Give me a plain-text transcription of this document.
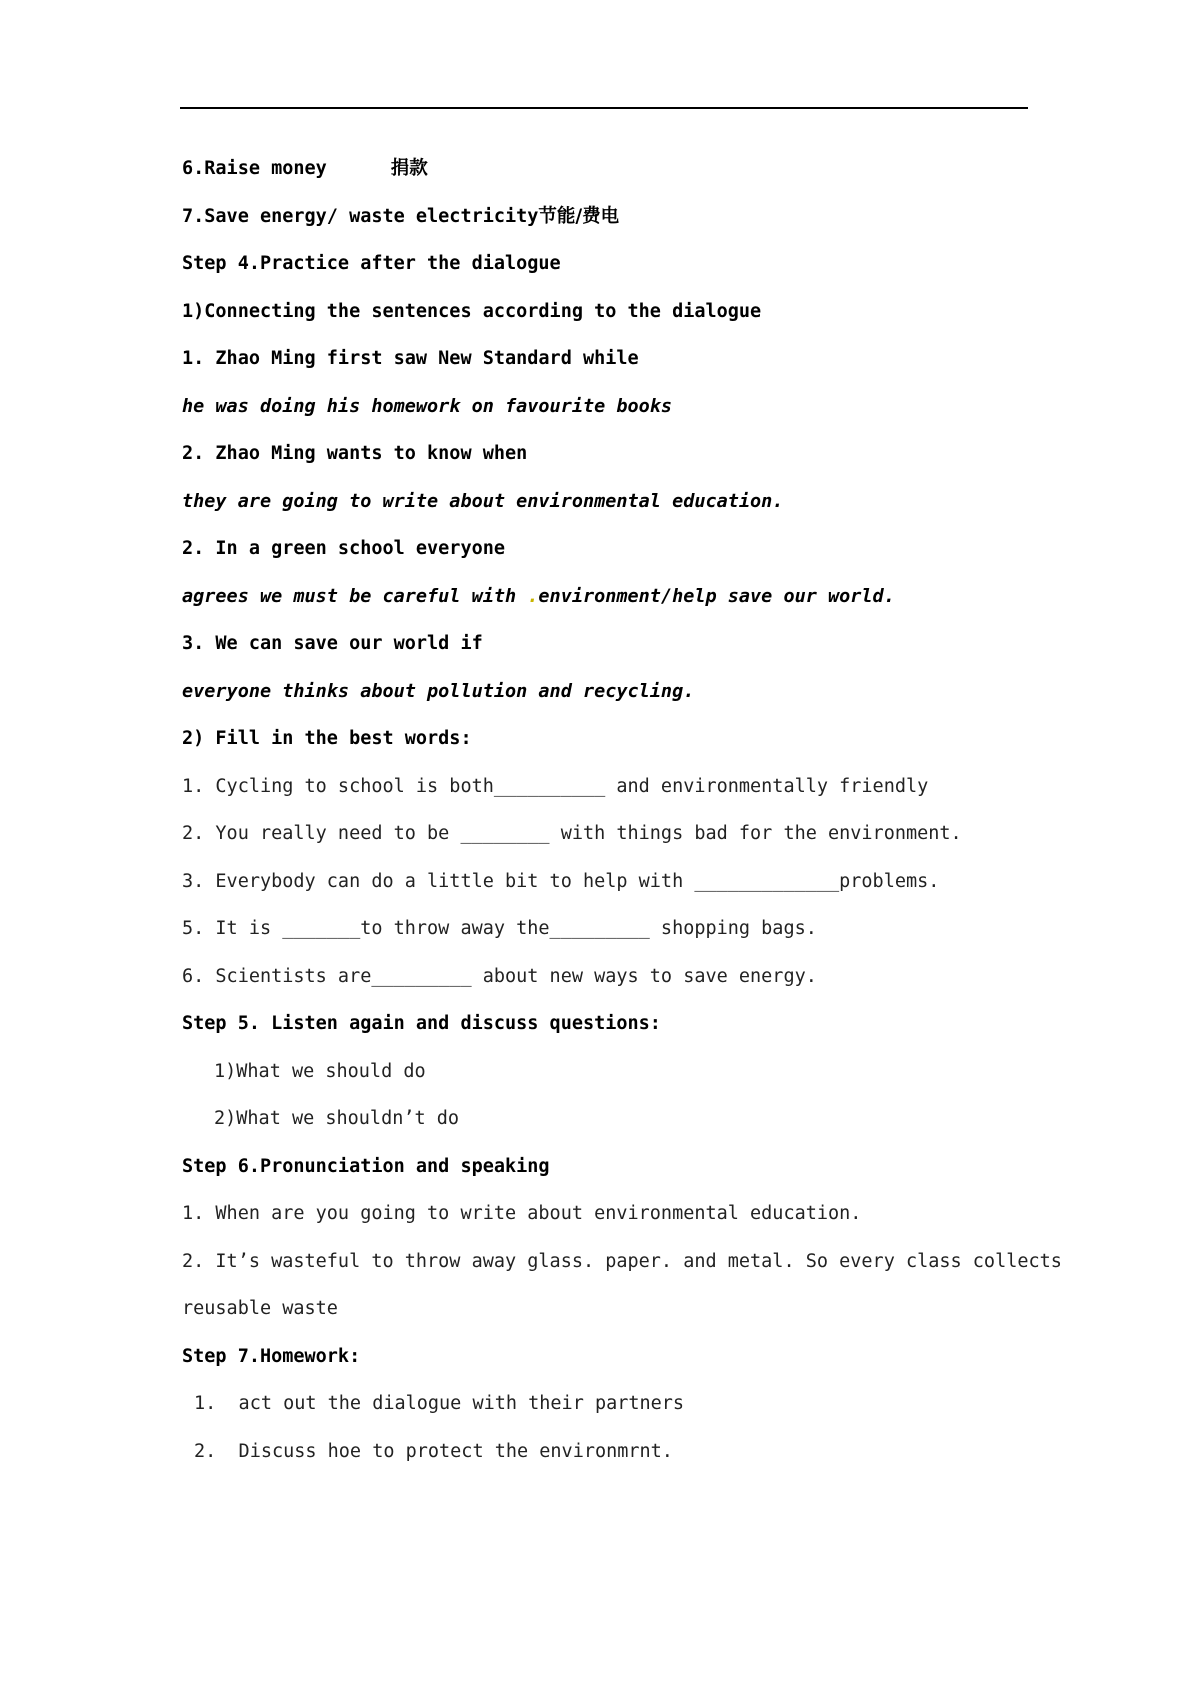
6.Raise money	捐款
7.Save energy/ waste electricity节能/费电
Step 4.Practice after the dialogue
1)Connecting the sentences according to the dialogue
1. Zhao Ming first saw New Standard while
he was doing his homework on favourite books
2. Zhao Ming wants to know when
they are going to write about environmental education.
2. In a green school everyone
agrees we must be careful with .environment/help save our world.
3. We can save our world if
everyone thinks about pollution and recycling.
2) Fill in the best words:
1. Cycling to school is both__________ and environmentally friendly
2. You really need to be ________ with things bad for the environment.
3. Everybody can do a little bit to help with _____________problems.
5. It is _______to throw away the_________ shopping bags.
6. Scientists are_________ about new ways to save energy.
Step 5. Listen again and discuss questions:
1)What we should do
2)What we shouldn’t do
Step 6.Pronunciation and speaking
1. When are you going to write about environmental education.
2. It’s wasteful to throw away glass. paper. and metal. So every class collects
reusable waste
Step 7.Homework:
1.  act out the dialogue with their partners
2.  Discuss hoe to protect the environmrnt.
